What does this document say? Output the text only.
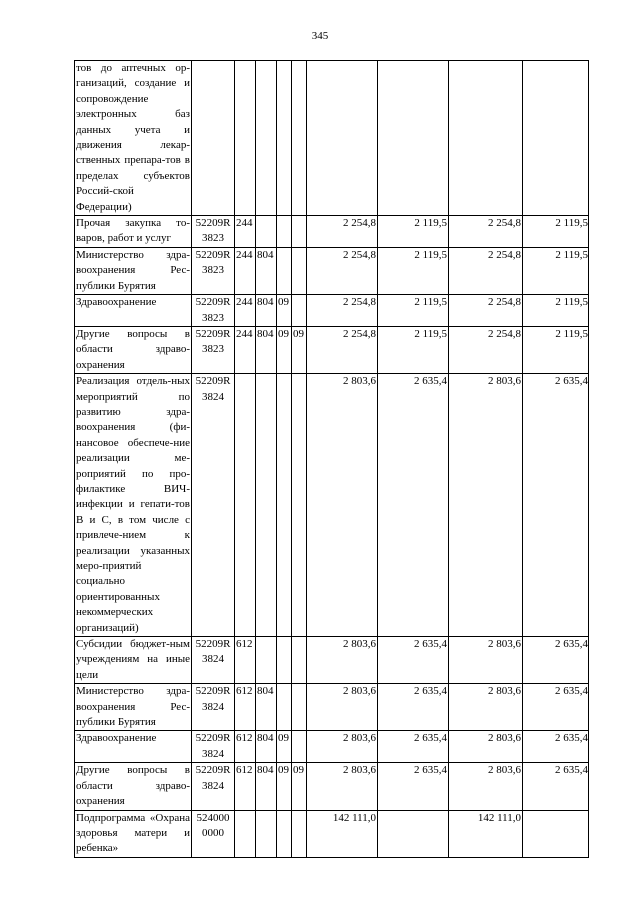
345
тов до аптечных ор-ганизаций, создание и сопровождение электронных баз данных учета и движения лекар-ственных препара-тов в пределах субъектов Россий-ской Федерации)									
Прочая закупка то-варов, работ и услуг	52209R 3823	244				2 254,8	2 119,5	2 254,8	2 119,5
Министерство здра-воохранения Рес-публики Бурятия	52209R 3823	244	804			2 254,8	2 119,5	2 254,8	2 119,5
Здравоохранение	52209R 3823	244	804	09		2 254,8	2 119,5	2 254,8	2 119,5
Другие вопросы в области здраво-охранения	52209R 3823	244	804	09	09	2 254,8	2 119,5	2 254,8	2 119,5
Реализация отдель-ных мероприятий по развитию здра-воохранения (фи-нансовое обеспече-ние реализации ме-роприятий по про-филактике ВИЧ-инфекции и гепати-тов В и С, в том числе с привлече-нием к реализации указанных меро-приятий социально ориентированных некоммерческих организаций)	52209R 3824					2 803,6	2 635,4	2 803,6	2 635,4
Субсидии бюджет-ным учреждениям на иные цели	52209R 3824	612				2 803,6	2 635,4	2 803,6	2 635,4
Министерство здра-воохранения Рес-публики Бурятия	52209R 3824	612	804			2 803,6	2 635,4	2 803,6	2 635,4
Здравоохранение	52209R 3824	612	804	09		2 803,6	2 635,4	2 803,6	2 635,4
Другие вопросы в области здраво-охранения	52209R 3824	612	804	09	09	2 803,6	2 635,4	2 803,6	2 635,4
Подпрограмма «Охрана здоровья матери и ребенка»	524000 0000					142 111,0		142 111,0	
